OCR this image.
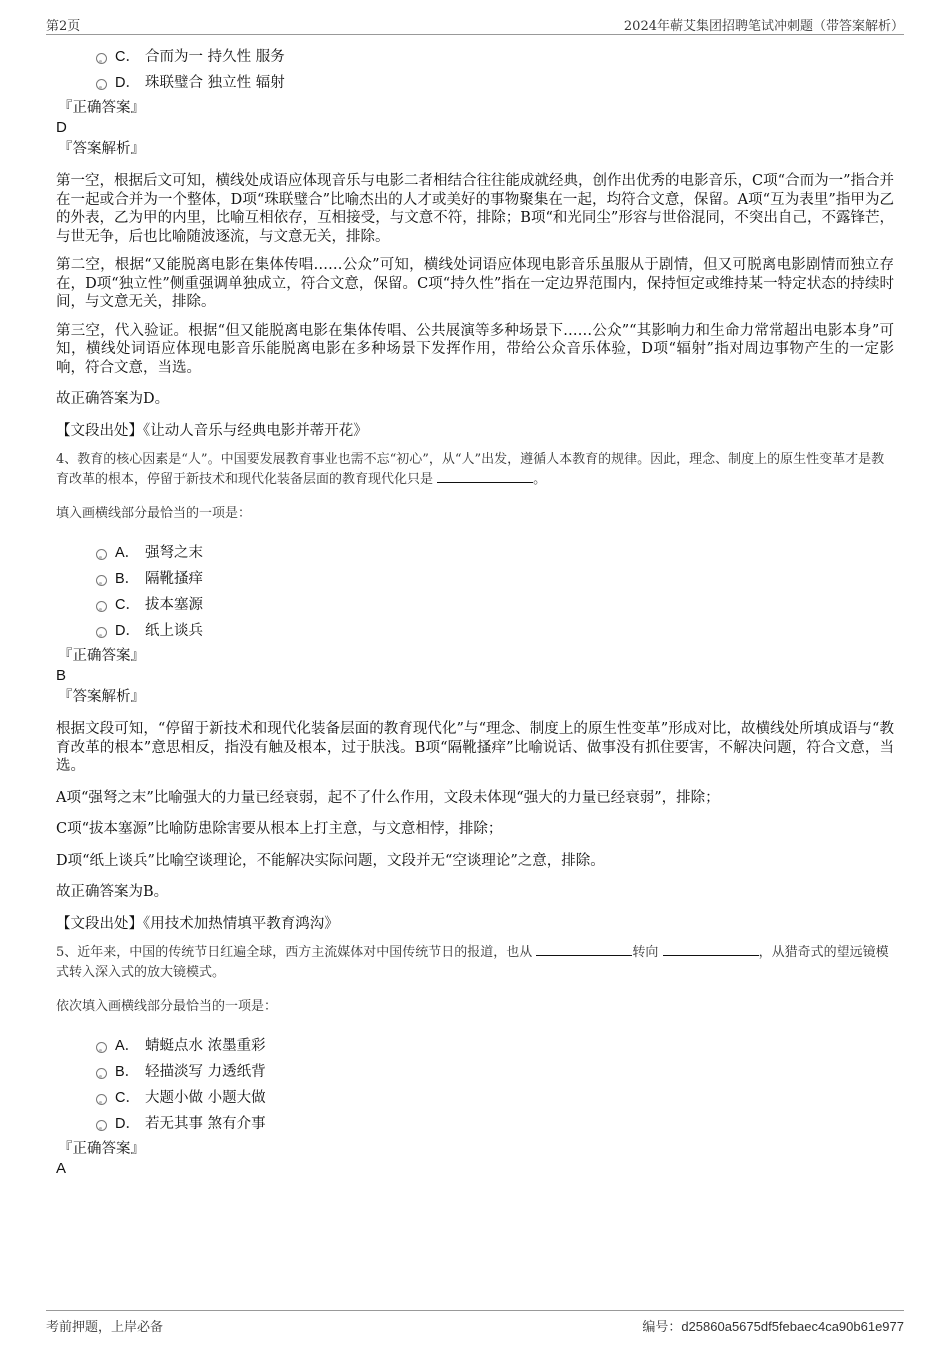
第2页	2024年蕲艾集团招聘笔试冲刺题（带答案解析）
C． 合而为一 持久性 服务
D． 珠联璧合 独立性 辐射
『正确答案』
D
『答案解析』

第一空，根据后文可知，横线处成语应体现音乐与电影二者相结合往往能成就经典，创作出优秀的电影音乐，C项“合而为一”指合并在一起或合并为一个整体，D项“珠联璧合”比喻杰出的人才或美好的事物聚集在一起，均符合文意，保留。A项“互为表里”指甲为乙的外表，乙为甲的内里，比喻互相依存，互相接受，与文意不符，排除；B项“和光同尘”形容与世俗混同，不突出自己，不露锋芒，与世无争，后也比喻随波逐流，与文意无关，排除。

第二空，根据“又能脱离电影在集体传唱……公众”可知，横线处词语应体现电影音乐虽服从于剧情，但又可脱离电影剧情而独立存在，D项“独立性”侧重强调单独成立，符合文意，保留。C项“持久性”指在一定边界范围内，保持恒定或维持某一特定状态的持续时间，与文意无关，排除。

第三空，代入验证。根据“但又能脱离电影在集体传唱、公共展演等多种场景下……公众”“其影响力和生命力常常超出电影本身”可知，横线处词语应体现电影音乐能脱离电影在多种场景下发挥作用，带给公众音乐体验，D项“辐射”指对周边事物产生的一定影响，符合文意，当选。

故正确答案为D。

【文段出处】《让动人音乐与经典电影并蒂开花》

4、教育的核心因素是“人”。中国要发展教育事业也需不忘“初心”，从“人”出发，遵循人本教育的规律。因此，理念、制度上的原生性变革才是教育改革的根本，停留于新技术和现代化装备层面的教育现代化只是	。

填入画横线部分最恰当的一项是：

A． 强弩之末
B． 隔靴搔痒
C． 拔本塞源
D． 纸上谈兵
『正确答案』
B
『答案解析』

根据文段可知，“停留于新技术和现代化装备层面的教育现代化”与“理念、制度上的原生性变革”形成对比，故横线处所填成语与“教育改革的根本”意思相反，指没有触及根本，过于肤浅。B项“隔靴搔痒”比喻说话、做事没有抓住要害，不解决问题，符合文意，当选。

A项“强弩之末”比喻强大的力量已经衰弱，起不了什么作用，文段未体现“强大的力量已经衰弱”，排除；

C项“拔本塞源”比喻防患除害要从根本上打主意，与文意相悖，排除；

D项“纸上谈兵”比喻空谈理论，不能解决实际问题，文段并无“空谈理论”之意，排除。

故正确答案为B。

【文段出处】《用技术加热情填平教育鸿沟》

5、近年来，中国的传统节日红遍全球，西方主流媒体对中国传统节日的报道，也从	转向	，从猎奇式的望远镜模式转入深入式的放大镜模式。

依次填入画横线部分最恰当的一项是：

A． 蜻蜓点水 浓墨重彩
B． 轻描淡写 力透纸背
C． 大题小做 小题大做
D． 若无其事 煞有介事
『正确答案』
A
考前押题，上岸必备	编号：d25860a5675df5febaec4ca90b61e977
